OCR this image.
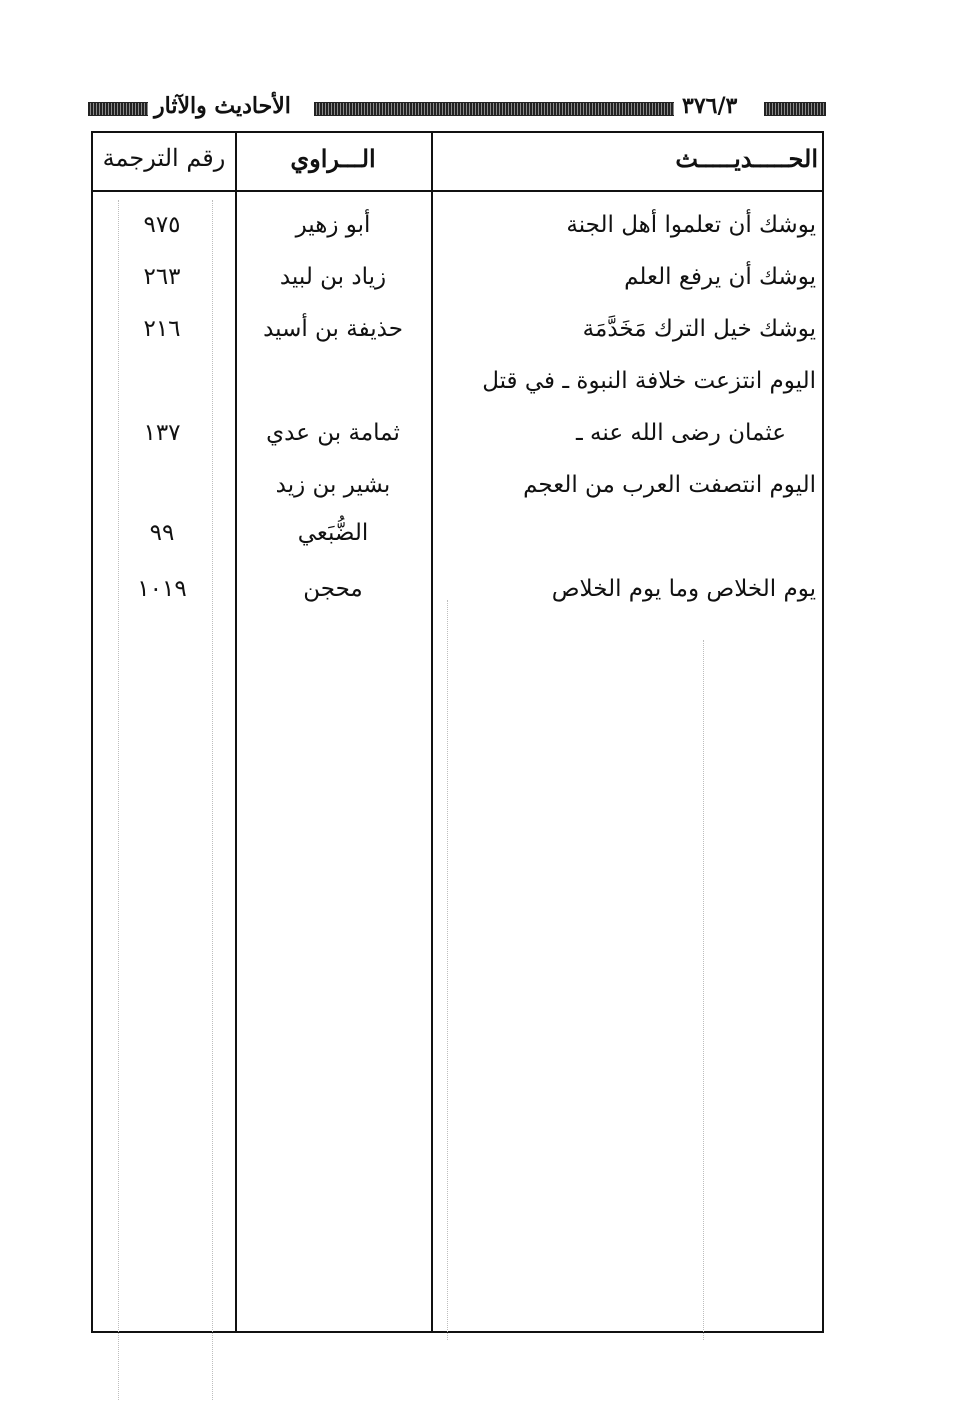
الأحاديث والآثار	٣٧٦/٣
الحـــــديـــــث
الـــراوي
رقم الترجمة
يوشك أن تعلموا أهل الجنة
أبو زهير
٩٧٥
يوشك أن يرفع العلم
زياد بن لبيد
٢٦٣
يوشك خيل الترك مَخَدَّمَة
حذيفة بن أسيد
٢١٦
اليوم انتزعت خلافة النبوة ـ في قتل
عثمان رضى الله عنه ـ
ثمامة بن عدي
١٣٧
اليوم انتصفت العرب من العجم
بشير بن زيد
الضُّبَعي
٩٩
يوم الخلاص وما يوم الخلاص
محجن
١٠١٩
